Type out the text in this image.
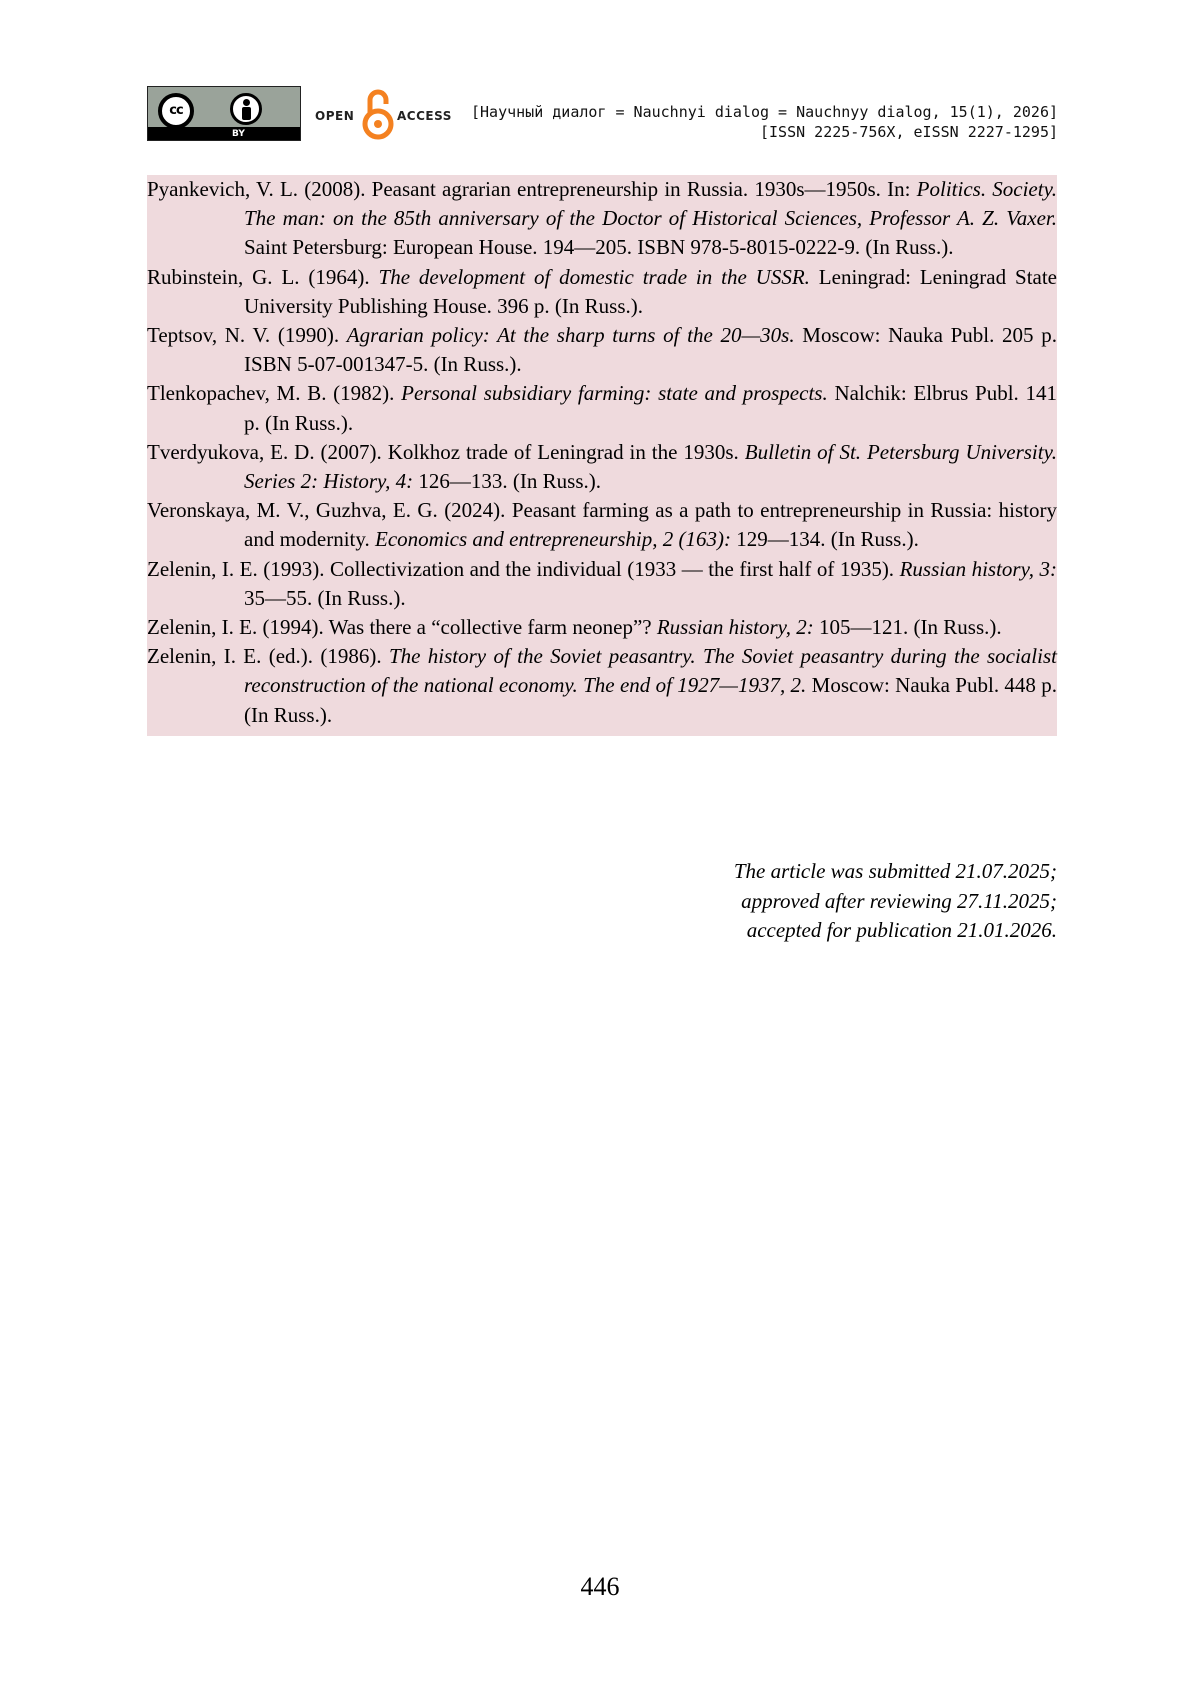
cc
BY
OPEN	ACCESS [Научный диалог = Nauchnyi dialog = Nauchnyy dialog, 15(1), 2026]
[ISSN 2225-756X, eISSN 2227-1295]

Pyankevich, V. L. (2008). Peasant agrarian entrepreneurship in Russia. 1930s—1950s. In: Politics. Society. The man: on the 85th anniversary of the Doctor of Historical Sciences, Professor A. Z. Vaxer. Saint Petersburg: European House. 194—205. ISBN 978-5-8015-0222-9. (In Russ.).

Rubinstein, G. L. (1964). The development of domestic trade in the USSR. Leningrad: Leningrad State University Publishing House. 396 p. (In Russ.).

Teptsov, N. V. (1990). Agrarian policy: At the sharp turns of the 20—30s. Moscow: Nauka Publ. 205 p. ISBN 5-07-001347-5. (In Russ.).

Tlenkopachev, M. B. (1982). Personal subsidiary farming: state and prospects. Nalchik: Elbrus Publ. 141 p. (In Russ.).

Tverdyukova, E. D. (2007). Kolkhoz trade of Leningrad in the 1930s. Bulletin of St. Petersburg University. Series 2: History, 4: 126—133. (In Russ.).

Veronskaya, M. V., Guzhva, E. G. (2024). Peasant farming as a path to entrepreneurship in Russia: history and modernity. Economics and entrepreneurship, 2 (163): 129—134. (In Russ.).

Zelenin, I. E. (1993). Collectivization and the individual (1933 — the first half of 1935). Russian history, 3: 35—55. (In Russ.).

Zelenin, I. E. (1994). Was there a “collective farm neonep”? Russian history, 2: 105—121. (In Russ.).

Zelenin, I. E. (ed.). (1986). The history of the Soviet peasantry. The Soviet peasantry during the socialist reconstruction of the national economy. The end of 1927—1937, 2. Moscow: Nauka Publ. 448 p. (In Russ.).

The article was submitted 21.07.2025;
approved after reviewing 27.11.2025;
accepted for publication 21.01.2026.
446
